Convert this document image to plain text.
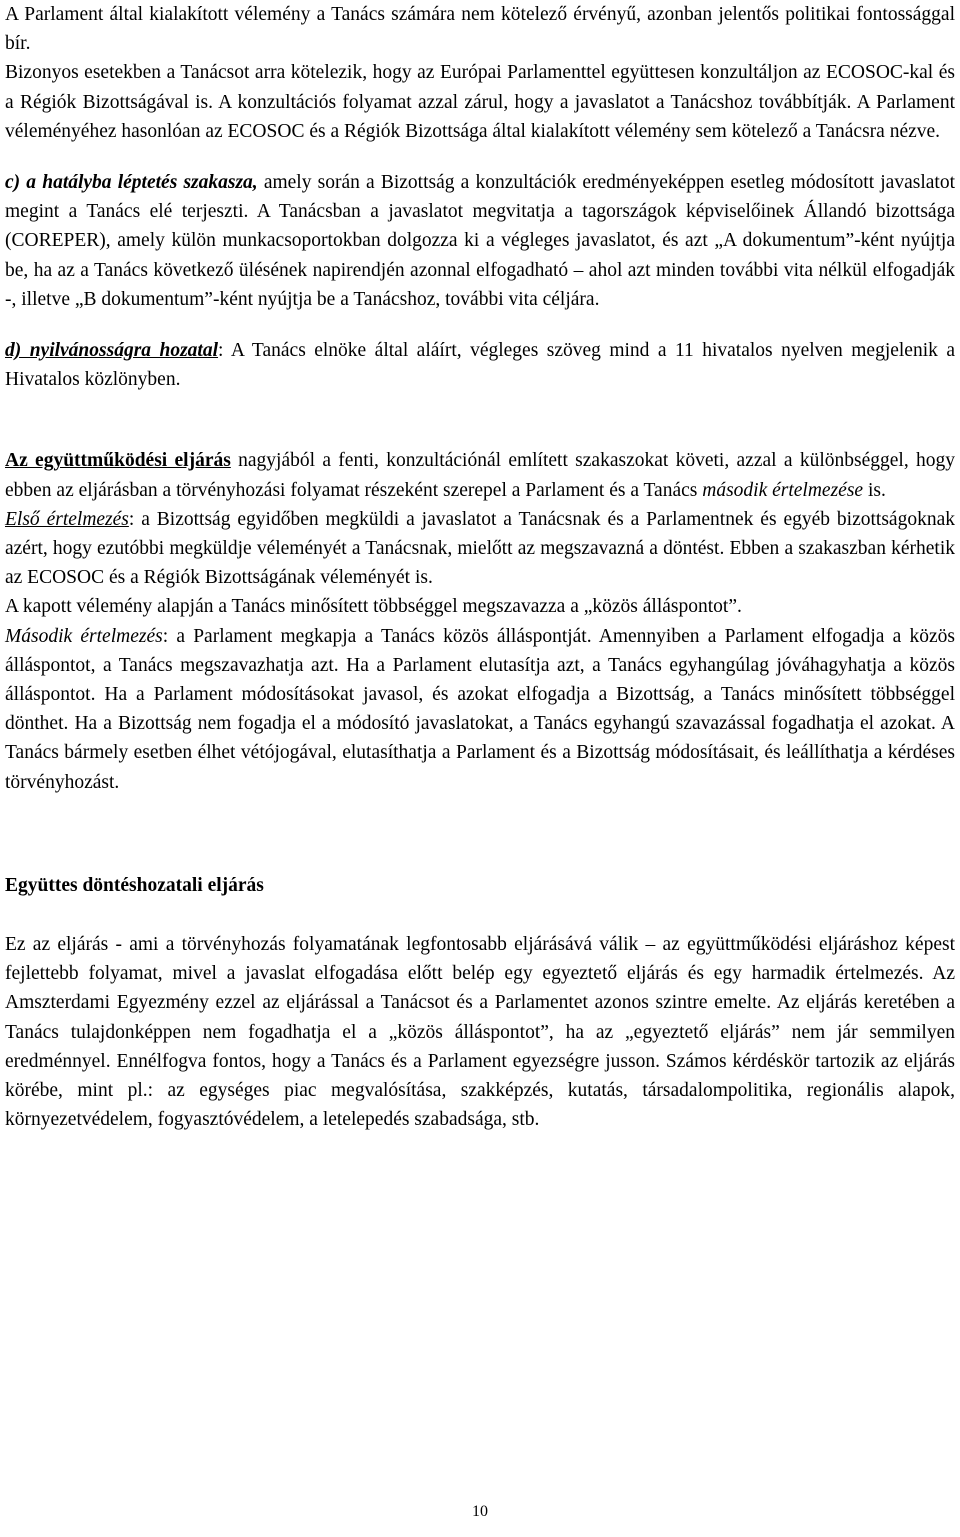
A Parlament által kialakított vélemény a Tanács számára nem kötelező érvényű, azonban jelentős politikai fontossággal bír.

Bizonyos esetekben a Tanácsot arra kötelezik, hogy az Európai Parlamenttel együttesen konzultáljon az ECOSOC-kal és a Régiók Bizottságával is. A konzultációs folyamat azzal zárul, hogy a javaslatot a Tanácshoz továbbítják. A Parlament véleményéhez hasonlóan az ECOSOC és a Régiók Bizottsága által kialakított vélemény sem kötelező a Tanácsra nézve.

c) a hatályba léptetés szakasza, amely során a Bizottság a konzultációk eredményeképpen esetleg módosított javaslatot megint a Tanács elé terjeszti. A Tanácsban a javaslatot megvitatja a tagországok képviselőinek Állandó bizottsága (COREPER), amely külön munkacsoportokban dolgozza ki a végleges javaslatot, és azt „A dokumentum”-ként nyújtja be, ha az a Tanács következő ülésének napirendjén azonnal elfogadható – ahol azt minden további vita nélkül elfogadják -, illetve „B dokumentum”-ként nyújtja be a Tanácshoz, további vita céljára.

d) nyilvánosságra hozatal: A Tanács elnöke által aláírt, végleges szöveg mind a 11 hivatalos nyelven megjelenik a Hivatalos közlönyben.

Az együttműködési eljárás nagyjából a fenti, konzultációnál említett szakaszokat követi, azzal a különbséggel, hogy ebben az eljárásban a törvényhozási folyamat részeként szerepel a Parlament és a Tanács második értelmezése is.

Első értelmezés: a Bizottság egyidőben megküldi a javaslatot a Tanácsnak és a Parlamentnek és egyéb bizottságoknak azért, hogy ezutóbbi megküldje véleményét a Tanácsnak, mielőtt az megszavazná a döntést. Ebben a szakaszban kérhetik az ECOSOC és a Régiók Bizottságának véleményét is.

A kapott vélemény alapján a Tanács minősített többséggel megszavazza a „közös álláspontot”.

Második értelmezés: a Parlament megkapja a Tanács közös álláspontját. Amennyiben a Parlament elfogadja a közös álláspontot, a Tanács megszavazhatja azt. Ha a Parlament elutasítja azt, a Tanács egyhangúlag jóváhagyhatja a közös álláspontot. Ha a Parlament módosításokat javasol, és azokat elfogadja a Bizottság, a Tanács minősített többséggel dönthet. Ha a Bizottság nem fogadja el a módosító javaslatokat, a Tanács egyhangú szavazással fogadhatja el azokat. A Tanács bármely esetben élhet vétójogával, elutasíthatja a Parlament és a Bizottság módosításait, és leállíthatja a kérdéses törvényhozást.

Együttes döntéshozatali eljárás

Ez az eljárás - ami a törvényhozás folyamatának legfontosabb eljárásává válik – az együttműködési eljáráshoz képest fejlettebb folyamat, mivel a javaslat elfogadása előtt belép egy egyeztető eljárás és egy harmadik értelmezés. Az Amszterdami Egyezmény ezzel az eljárással a Tanácsot és a Parlamentet azonos szintre emelte. Az eljárás keretében a Tanács tulajdonképpen nem fogadhatja el a „közös álláspontot”, ha az „egyeztető eljárás” nem jár semmilyen eredménnyel. Ennélfogva fontos, hogy a Tanács és a Parlament egyezségre jusson. Számos kérdéskör tartozik az eljárás körébe, mint pl.: az egységes piac megvalósítása, szakképzés, kutatás, társadalompolitika, regionális alapok, környezetvédelem, fogyasztóvédelem, a letelepedés szabadsága, stb.

10
